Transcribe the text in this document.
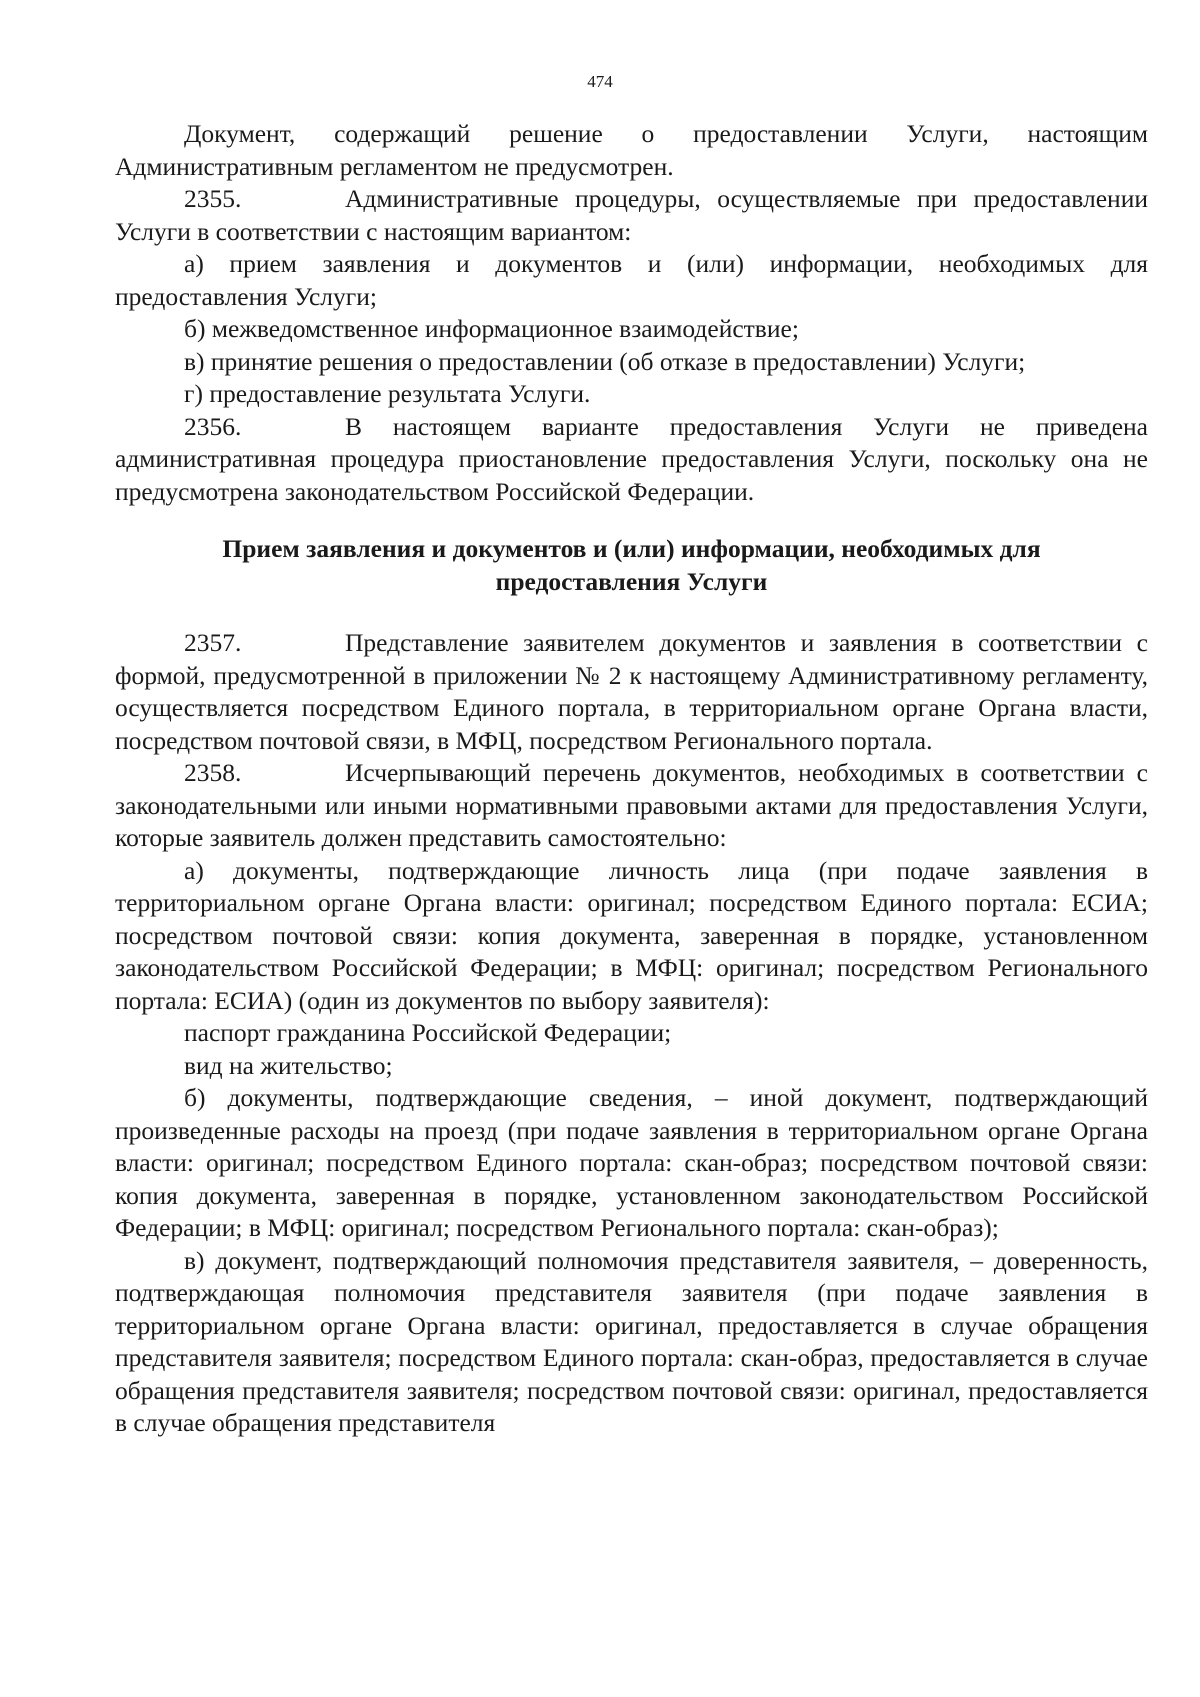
474

Документ, содержащий решение о предоставлении Услуги, настоящим Административным регламентом не предусмотрен.

2355.	Административные процедуры, осуществляемые при предоставлении Услуги в соответствии с настоящим вариантом:

а) прием заявления и документов и (или) информации, необходимых для предоставления Услуги;

б) межведомственное информационное взаимодействие;

в) принятие решения о предоставлении (об отказе в предоставлении) Услуги;

г) предоставление результата Услуги.

2356.	В настоящем варианте предоставления Услуги не приведена административная процедура приостановление предоставления Услуги, поскольку она не предусмотрена законодательством Российской Федерации.

Прием заявления и документов и (или) информации, необходимых для
предоставления Услуги

2357.	Представление заявителем документов и заявления в соответствии с формой, предусмотренной в приложении № 2 к настоящему Административному регламенту, осуществляется посредством Единого портала, в территориальном органе Органа власти, посредством почтовой связи, в МФЦ, посредством Регионального портала.

2358.	Исчерпывающий перечень документов, необходимых в соответствии с законодательными или иными нормативными правовыми актами для предоставления Услуги, которые заявитель должен представить самостоятельно:

а) документы, подтверждающие личность лица (при подаче заявления в территориальном органе Органа власти: оригинал; посредством Единого портала: ЕСИА; посредством почтовой связи: копия документа, заверенная в порядке, установленном законодательством Российской Федерации; в МФЦ: оригинал; посредством Регионального портала: ЕСИА) (один из документов по выбору заявителя):

паспорт гражданина Российской Федерации;

вид на жительство;

б) документы, подтверждающие сведения, – иной документ, подтверждающий произведенные расходы на проезд (при подаче заявления в территориальном органе Органа власти: оригинал; посредством Единого портала: скан-образ; посредством почтовой связи: копия документа, заверенная в порядке, установленном законодательством Российской Федерации; в МФЦ: оригинал; посредством Регионального портала: скан-образ);

в) документ, подтверждающий полномочия представителя заявителя, – доверенность, подтверждающая полномочия представителя заявителя (при подаче заявления в территориальном органе Органа власти: оригинал, предоставляется в случае обращения представителя заявителя; посредством Единого портала: скан-образ, предоставляется в случае обращения представителя заявителя; посредством почтовой связи: оригинал, предоставляется в случае обращения представителя
